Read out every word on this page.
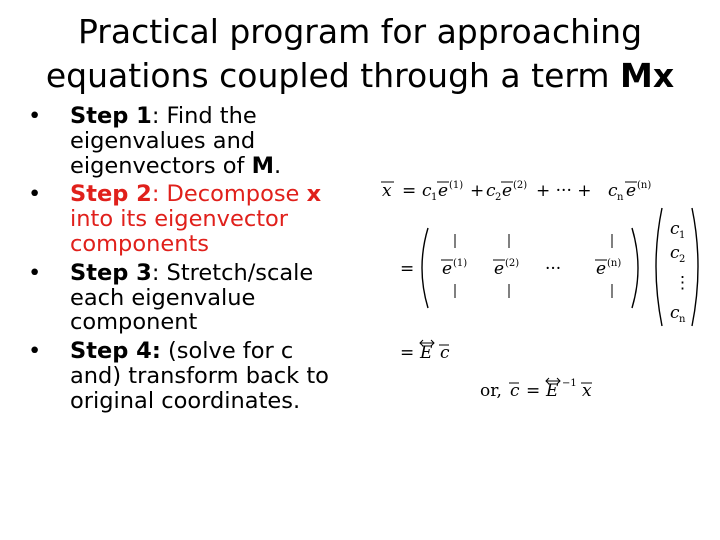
Practical program for approaching
equations coupled through a term Mx
• Step 1: Find the eigenvalues and eigenvectors of M.
• Step 2: Decompose x into its eigenvector components
• Step 3: Stretch/scale each eigenvalue component
• Step 4: (solve for c and) transform back to original coordinates.
x = c 1 e (1) + c 2 e (2) + ··· + c n e (n)
= e (1) e (2) ··· e (n)
c 1
c 2
⋮
c n
= E c
or, c = E −1 x
